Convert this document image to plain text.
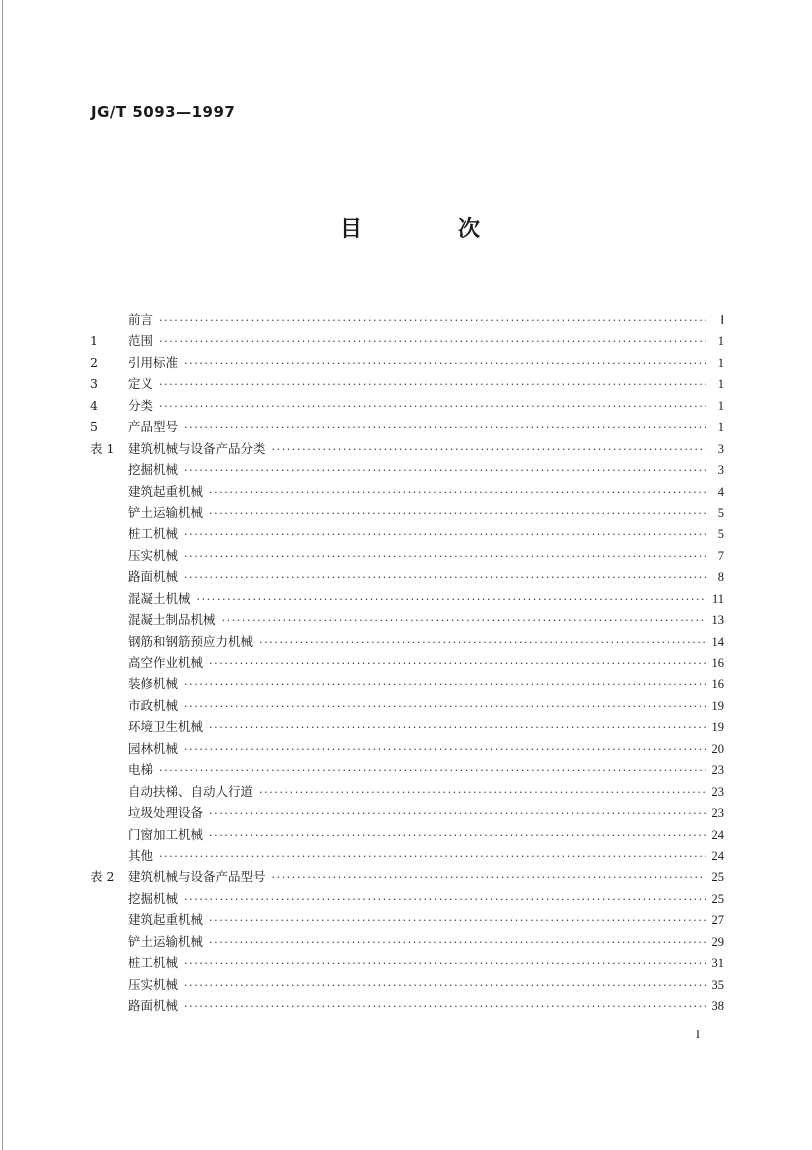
JG/T 5093—1997
目 次
前言 ·····	Ⅰ
1	范围 ·····	1
2	引用标准 ·····	1
3	定义 ·····	1
4	分类 ·····	1
5	产品型号 ·····	1
表 1	建筑机械与设备产品分类 ·····	3
挖掘机械 ·····	3
建筑起重机械 ·····	4
铲土运输机械 ·····	5
桩工机械 ·····	5
压实机械 ·····	7
路面机械 ·····	8
混凝土机械 ·····	11
混凝土制品机械 ·····	13
钢筋和钢筋预应力机械 ·····	14
高空作业机械 ·····	16
装修机械 ·····	16
市政机械 ·····	19
环境卫生机械 ·····	19
园林机械 ·····	20
电梯 ·····	23
自动扶梯、自动人行道 ·····	23
垃圾处理设备 ·····	23
门窗加工机械 ·····	24
其他 ·····	24
表 2	建筑机械与设备产品型号 ·····	25
挖掘机械 ·····	25
建筑起重机械 ·····	27
铲土运输机械 ·····	29
桩工机械 ·····	31
压实机械 ·····	35
路面机械 ·····	38
I
